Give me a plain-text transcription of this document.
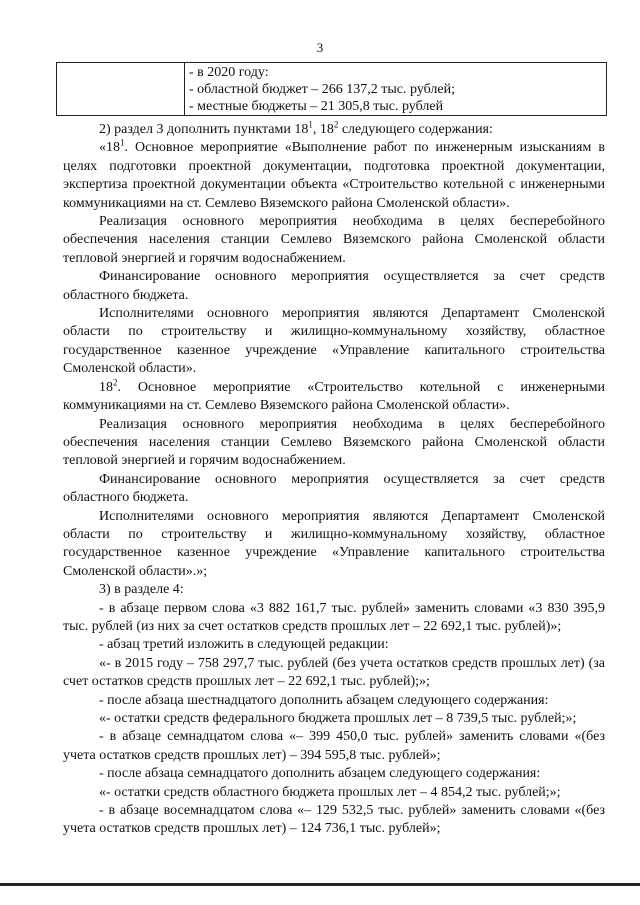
3
- в 2020 году:
- областной бюджет – 266 137,2 тыс. рублей;
- местные бюджеты – 21 305,8 тыс. рублей

2) раздел 3 дополнить пунктами $18^1$, $18^2$ следующего содержания:

«$18^1$. Основное мероприятие «Выполнение работ по инженерным изысканиям в целях подготовки проектной документации, подготовка проектной документации, экспертиза проектной документации объекта «Строительство котельной с инженерными коммуникациями на ст. Семлево Вяземского района Смоленской области».

Реализация основного мероприятия необходима в целях бесперебойного обеспечения населения станции Семлево Вяземского района Смоленской области тепловой энергией и горячим водоснабжением.

Финансирование основного мероприятия осуществляется за счет средств областного бюджета.

Исполнителями основного мероприятия являются Департамент Смоленской области по строительству и жилищно-коммунальному хозяйству, областное государственное казенное учреждение «Управление капитального строительства Смоленской области».

$18^2$. Основное мероприятие «Строительство котельной с инженерными коммуникациями на ст. Семлево Вяземского района Смоленской области».

Реализация основного мероприятия необходима в целях бесперебойного обеспечения населения станции Семлево Вяземского района Смоленской области тепловой энергией и горячим водоснабжением.

Финансирование основного мероприятия осуществляется за счет средств областного бюджета.

Исполнителями основного мероприятия являются Департамент Смоленской области по строительству и жилищно-коммунальному хозяйству, областное государственное казенное учреждение «Управление капитального строительства Смоленской области».»;

3) в разделе 4:

- в абзаце первом слова «3 882 161,7 тыс. рублей» заменить словами «3 830 395,9 тыс. рублей (из них за счет остатков средств прошлых лет – 22 692,1 тыс. рублей)»;

- абзац третий изложить в следующей редакции:

«- в 2015 году – 758 297,7 тыс. рублей (без учета остатков средств прошлых лет) (за счет остатков средств прошлых лет – 22 692,1 тыс. рублей);»;

- после абзаца шестнадцатого дополнить абзацем следующего содержания:

«- остатки средств федерального бюджета прошлых лет – 8 739,5 тыс. рублей;»;

- в абзаце семнадцатом слова «– 399 450,0 тыс. рублей» заменить словами «(без учета остатков средств прошлых лет) – 394 595,8 тыс. рублей»;

- после абзаца семнадцатого дополнить абзацем следующего содержания:

«- остатки средств областного бюджета прошлых лет – 4 854,2 тыс. рублей;»;

- в абзаце восемнадцатом слова «– 129 532,5 тыс. рублей» заменить словами «(без учета остатков средств прошлых лет) – 124 736,1 тыс. рублей»;
